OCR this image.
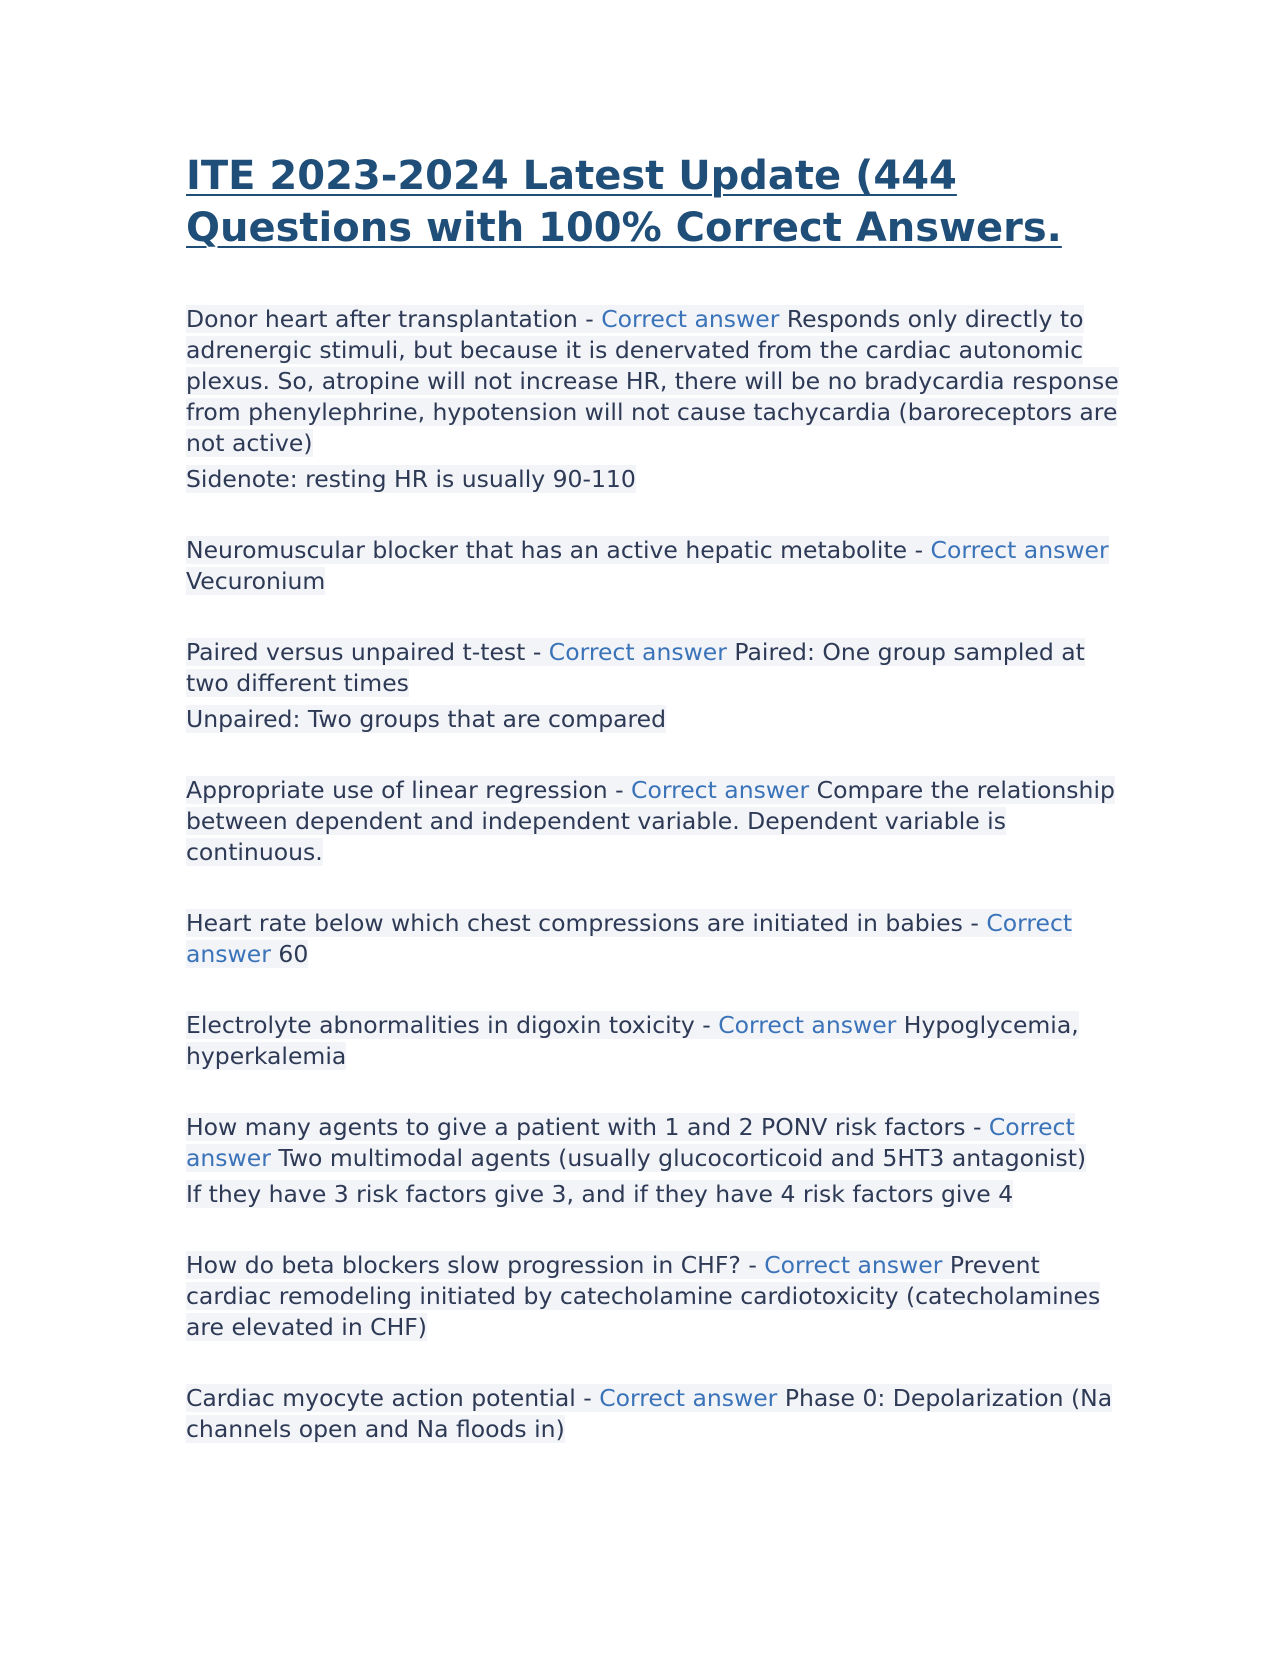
ITE 2023-2024 Latest Update (444 Questions with 100% Correct Answers.

Donor heart after transplantation - Correct answer Responds only directly to adrenergic stimuli, but because it is denervated from the cardiac autonomic plexus. So, atropine will not increase HR, there will be no bradycardia response from phenylephrine, hypotension will not cause tachycardia (baroreceptors are not active)

Sidenote: resting HR is usually 90-110

Neuromuscular blocker that has an active hepatic metabolite - Correct answer Vecuronium

Paired versus unpaired t-test - Correct answer Paired: One group sampled at two different times

Unpaired: Two groups that are compared

Appropriate use of linear regression - Correct answer Compare the relationship between dependent and independent variable. Dependent variable is continuous.

Heart rate below which chest compressions are initiated in babies - Correct answer 60

Electrolyte abnormalities in digoxin toxicity - Correct answer Hypoglycemia, hyperkalemia

How many agents to give a patient with 1 and 2 PONV risk factors - Correct answer Two multimodal agents (usually glucocorticoid and 5HT3 antagonist)

If they have 3 risk factors give 3, and if they have 4 risk factors give 4

How do beta blockers slow progression in CHF? - Correct answer Prevent cardiac remodeling initiated by catecholamine cardiotoxicity (catecholamines are elevated in CHF)

Cardiac myocyte action potential - Correct answer Phase 0: Depolarization (Na channels open and Na floods in)
